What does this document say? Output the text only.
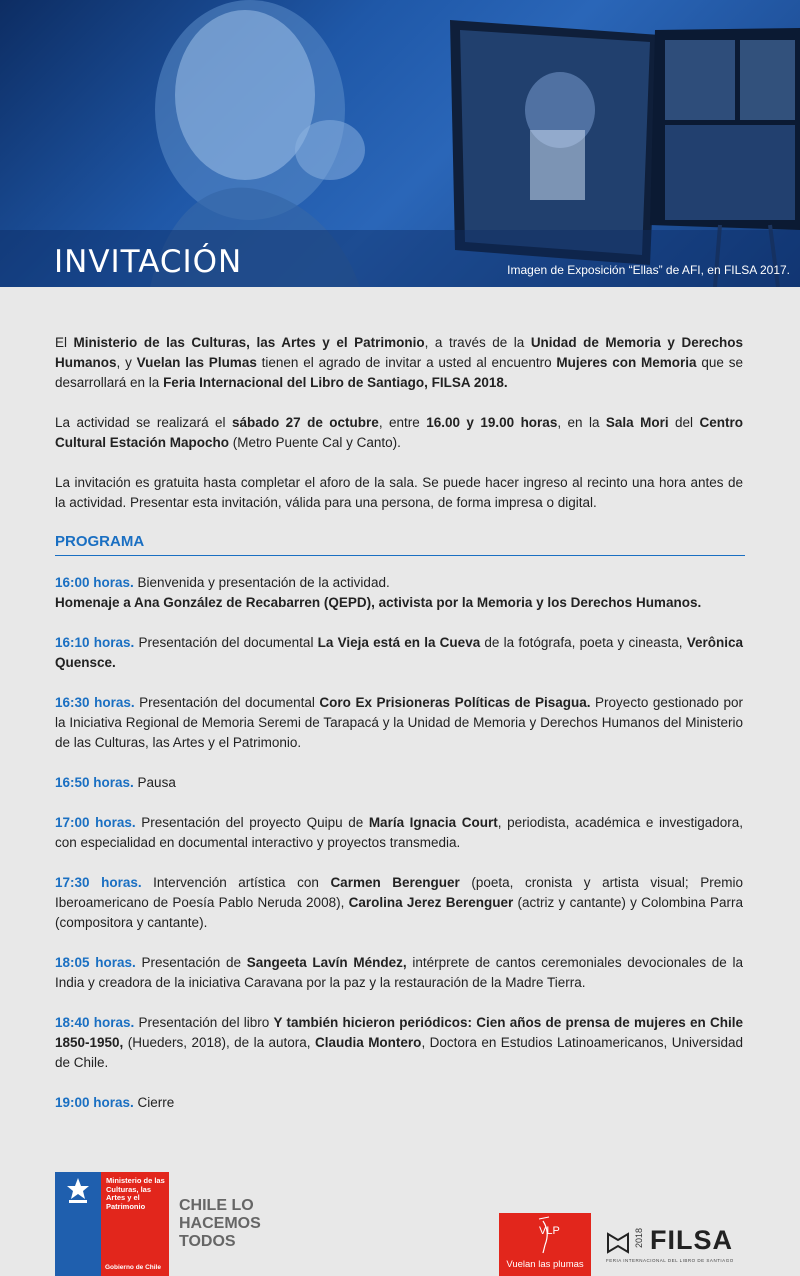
INVITACIÓN	Imagen de Exposición “Ellas” de AFI, en FILSA 2017.

El Ministerio de las Culturas, las Artes y el Patrimonio, a través de la Unidad de Memoria y Derechos Humanos, y Vuelan las Plumas tienen el agrado de invitar a usted al encuentro Mujeres con Memoria que se desarrollará en la Feria Internacional del Libro de Santiago, FILSA 2018.

La actividad se realizará el sábado 27 de octubre, entre 16.00 y 19.00 horas, en la Sala Mori del Centro Cultural Estación Mapocho (Metro Puente Cal y Canto).

La invitación es gratuita hasta completar el aforo de la sala. Se puede hacer ingreso al recinto una hora antes de la actividad. Presentar esta invitación, válida para una persona, de forma impresa o digital.

PROGRAMA
16:00 horas. Bienvenida y presentación de la actividad.
Homenaje a Ana González de Recabarren (QEPD), activista por la Memoria y los Derechos Humanos.
16:10 horas. Presentación del documental La Vieja está en la Cueva de la fotógrafa, poeta y cineasta, Verônica Quensce.
16:30 horas. Presentación del documental Coro Ex Prisioneras Políticas de Pisagua. Proyecto gestionado por la Iniciativa Regional de Memoria Seremi de Tarapacá y la Unidad de Memoria y Derechos Humanos del Ministerio de las Culturas, las Artes y el Patrimonio.
16:50 horas. Pausa
17:00 horas. Presentación del proyecto Quipu de María Ignacia Court, periodista, académica e investigadora, con especialidad en documental interactivo y proyectos transmedia.
17:30 horas. Intervención artística con Carmen Berenguer (poeta, cronista y artista visual; Premio Iberoamericano de Poesía Pablo Neruda 2008), Carolina Jerez Berenguer (actriz y cantante) y Colombina Parra (compositora y cantante).
18:05 horas. Presentación de Sangeeta Lavín Méndez, intérprete de cantos ceremoniales devocionales de la India y creadora de la iniciativa Caravana por la paz y la restauración de la Madre Tierra.
18:40 horas. Presentación del libro Y también hicieron periódicos: Cien años de prensa de mujeres en Chile 1850-1950, (Hueders, 2018), de la autora, Claudia Montero, Doctora en Estudios Latinoamericanos, Universidad de Chile.
19:00 horas. Cierre
Ministerio de las Culturas, las Artes y el Patrimonio
Gobierno de Chile
CHILE LO HACEMOS TODOS
VLP
Vuelan las plumas
2018 FILSA
FERIA INTERNACIONAL DEL LIBRO DE SANTIAGO
